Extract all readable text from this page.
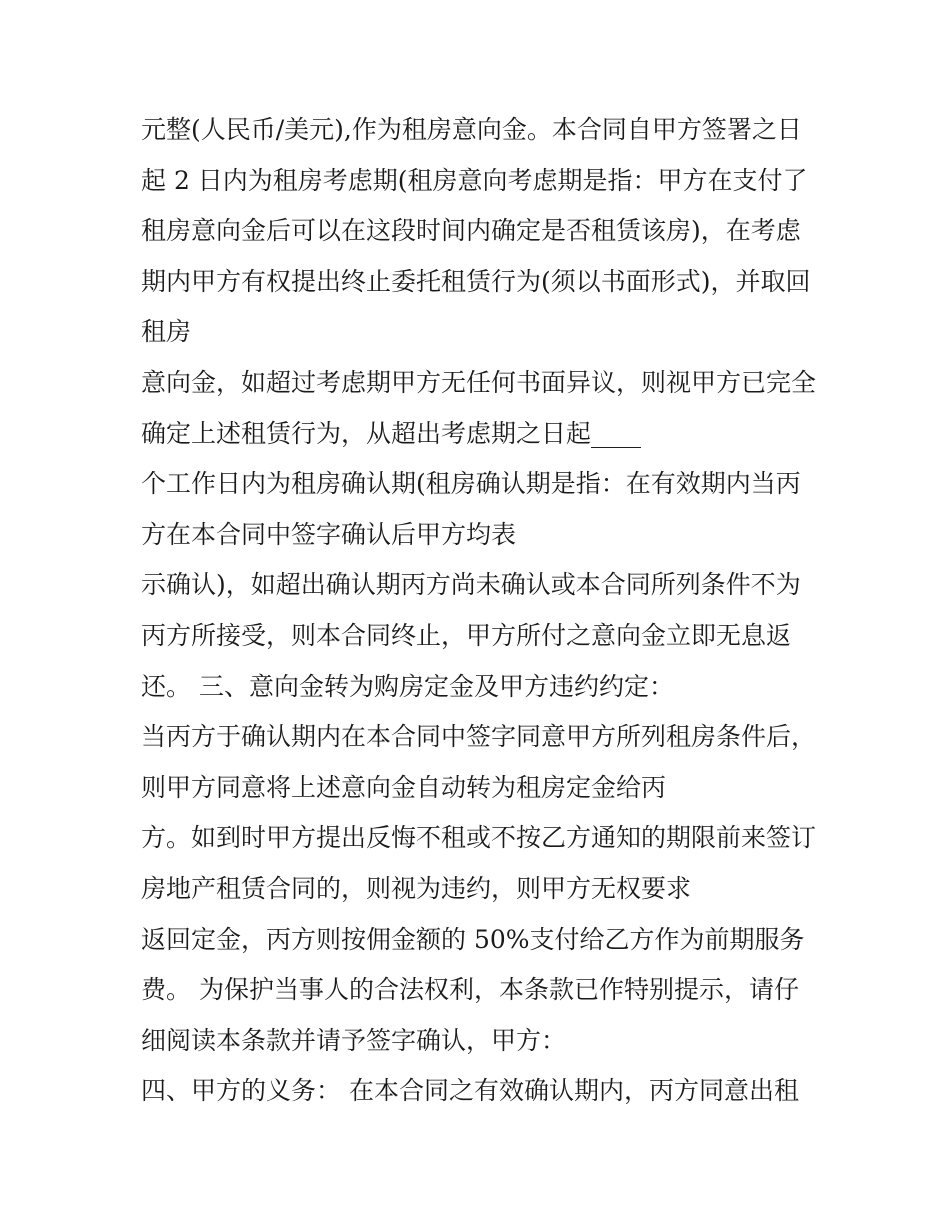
元整(人民币/美元),作为租房意向金。本合同自甲方签署之日
起 2 日内为租房考虑期(租房意向考虑期是指：甲方在支付了
租房意向金后可以在这段时间内确定是否租赁该房)，在考虑
期内甲方有权提出终止委托租赁行为(须以书面形式)，并取回
租房
意向金，如超过考虑期甲方无任何书面异议，则视甲方已完全
确定上述租赁行为，从超出考虑期之日起____
个工作日内为租房确认期(租房确认期是指：在有效期内当丙
方在本合同中签字确认后甲方均表
示确认)，如超出确认期丙方尚未确认或本合同所列条件不为
丙方所接受，则本合同终止，甲方所付之意向金立即无息返
还。 三、意向金转为购房定金及甲方违约约定：
当丙方于确认期内在本合同中签字同意甲方所列租房条件后，
则甲方同意将上述意向金自动转为租房定金给丙
方。如到时甲方提出反悔不租或不按乙方通知的期限前来签订
房地产租赁合同的，则视为违约，则甲方无权要求
返回定金，丙方则按佣金额的 50%支付给乙方作为前期服务
费。 为保护当事人的合法权利，本条款已作特别提示，请仔
细阅读本条款并请予签字确认，甲方：
四、甲方的义务： 在本合同之有效确认期内，丙方同意出租
